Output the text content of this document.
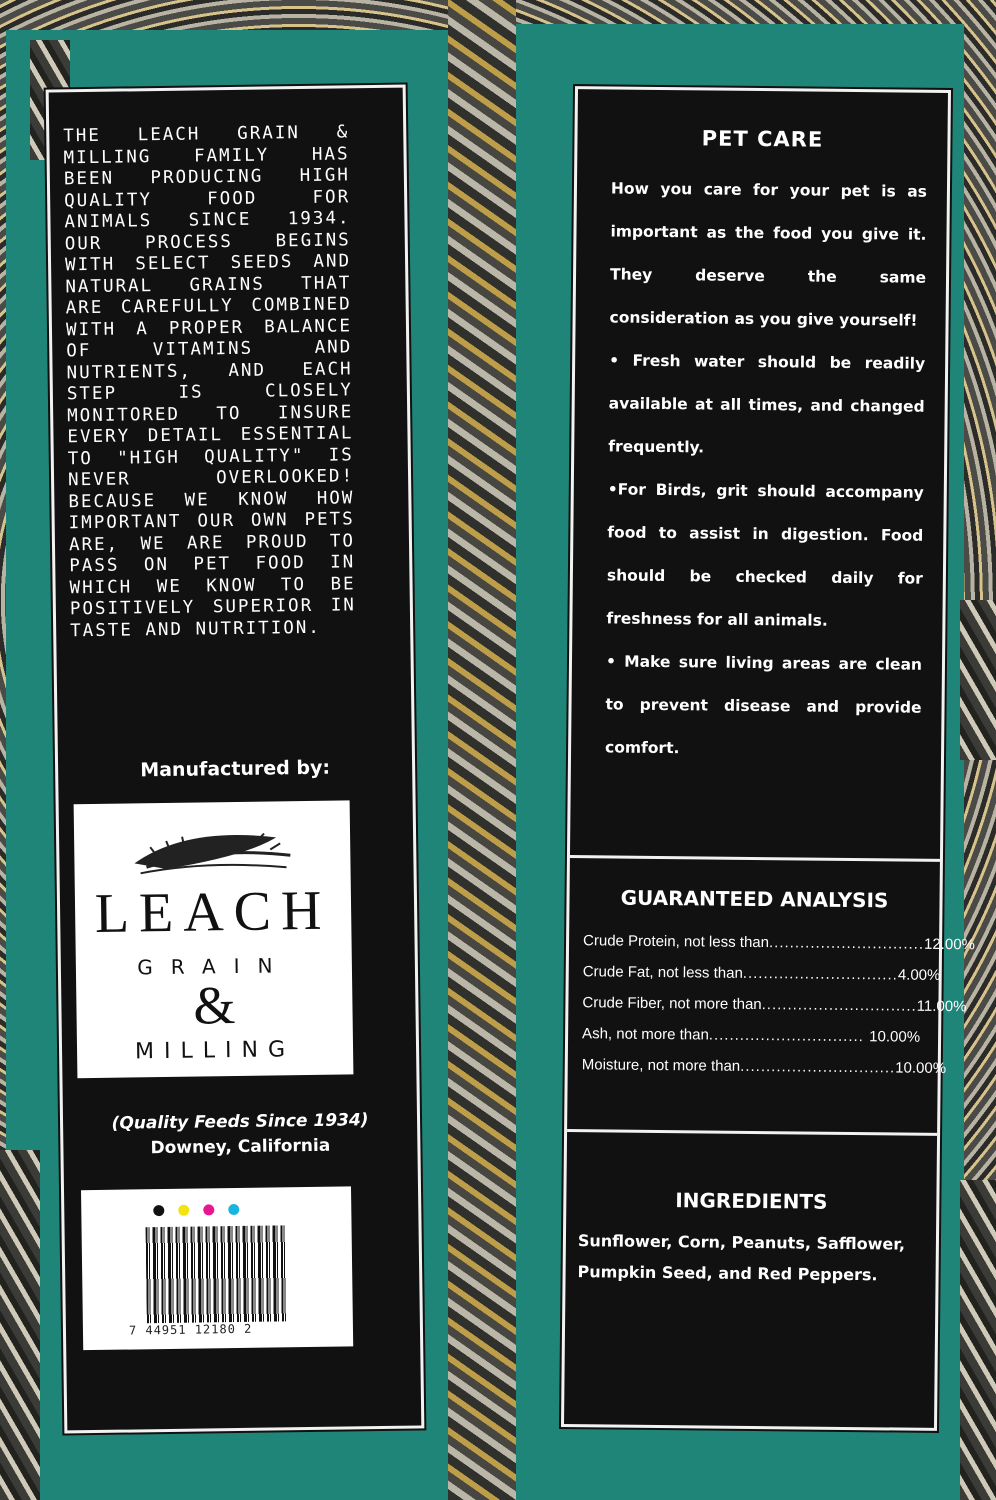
THE LEACH GRAIN & MILLING FAMILY HAS BEEN PRODUCING HIGH QUALITY FOOD FOR ANIMALS SINCE 1934. OUR PROCESS BEGINS WITH SELECT SEEDS AND NATURAL GRAINS THAT ARE CAREFULLY COMBINED WITH A PROPER BALANCE OF VITAMINS AND NUTRIENTS, AND EACH STEP IS CLOSELY MONITORED TO INSURE EVERY DETAIL ESSENTIAL TO "HIGH QUALITY" IS NEVER OVERLOOKED! BECAUSE WE KNOW HOW IMPORTANT OUR OWN PETS ARE, WE ARE PROUD TO PASS ON PET FOOD IN WHICH WE KNOW TO BE POSITIVELY SUPERIOR IN TASTE AND NUTRITION.
Manufactured by:
LEACH
GRAIN
&
MILLING
(Quality Feeds Since 1934)
Downey, California
7 44951 12180 2
PET CARE

How you care for your pet is as important as the food you give it. They deserve the same consideration as you give yourself!

• Fresh water should be readily available at all times, and changed frequently.

•For Birds, grit should accompany food to assist in digestion. Food should be checked daily for freshness for all animals.

• Make sure living areas are clean to prevent disease and provide comfort.

GUARANTEED ANALYSIS
Crude Protein, not less than .............................. 12.00%
Crude Fat, not less than .............................. 4.00%
Crude Fiber, not more than .............................. 11.00%
Ash, not more than .............................. 10.00%
Moisture, not more than .............................. 10.00%
INGREDIENTS
Sunflower, Corn, Peanuts, Safflower, Pumpkin Seed, and Red Peppers.
